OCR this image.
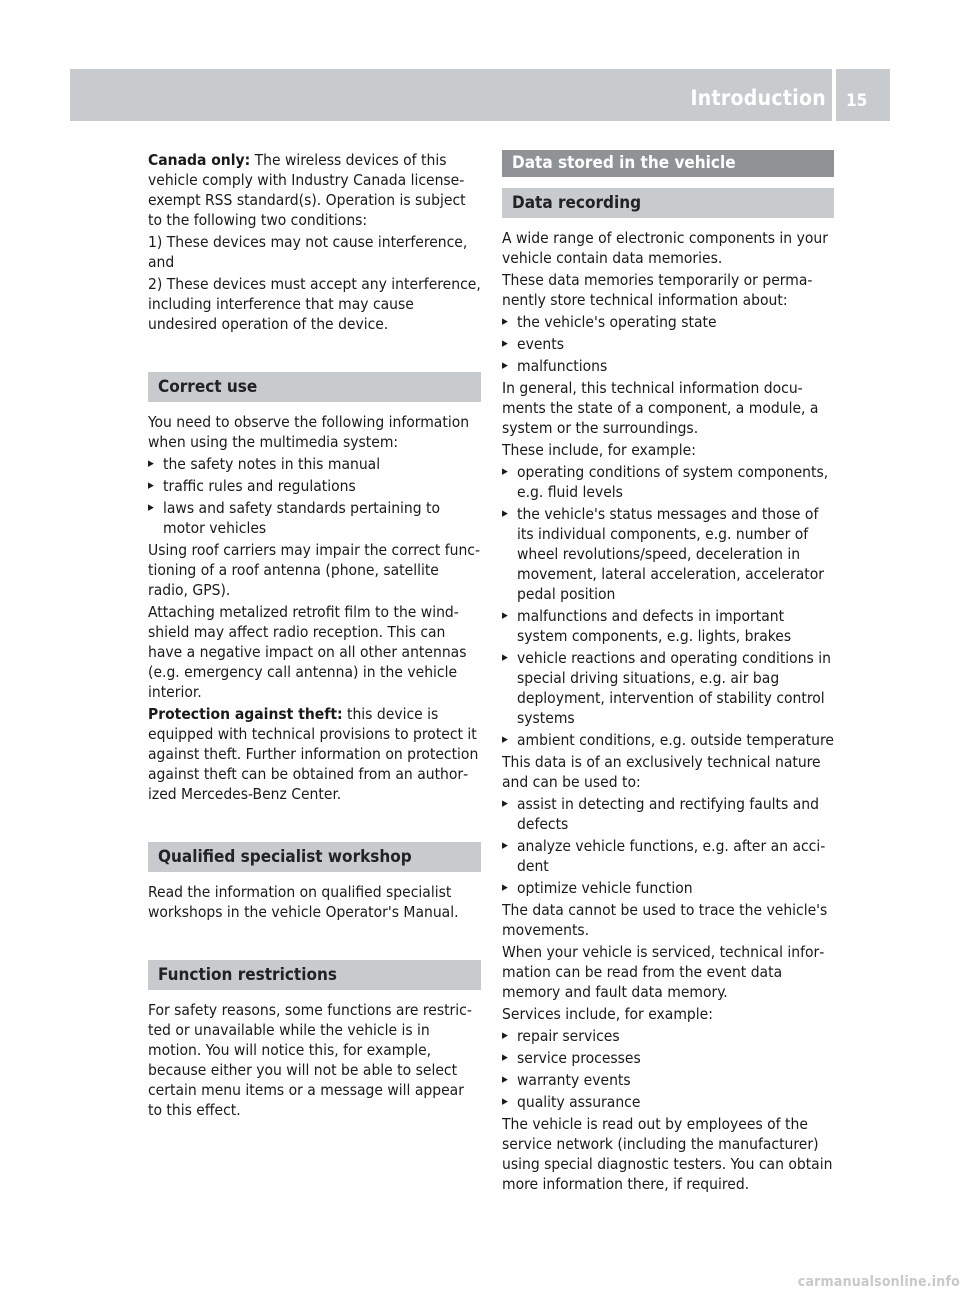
Introduction 15

Canada only: The wireless devices of this vehicle comply with Industry Canada license-exempt RSS standard(s). Operation is subject to the following two conditions:

1) These devices may not cause interference, and

2) These devices must accept any interference, including interference that may cause undesired operation of the device.

Correct use

You need to observe the following information when using the multimedia system:

▸ the safety notes in this manual
▸ traffic rules and regulations
▸ laws and safety standards pertaining to motor vehicles

Using roof carriers may impair the correct functioning of a roof antenna (phone, satellite radio, GPS).

Attaching metalized retrofit film to the windshield may affect radio reception. This can have a negative impact on all other antennas (e.g. emergency call antenna) in the vehicle interior.

Protection against theft: this device is equipped with technical provisions to protect it against theft. Further information on protection against theft can be obtained from an authorized Mercedes-Benz Center.

Qualified specialist workshop

Read the information on qualified specialist workshops in the vehicle Operator's Manual.

Function restrictions

For safety reasons, some functions are restricted or unavailable while the vehicle is in motion. You will notice this, for example, because either you will not be able to select certain menu items or a message will appear to this effect.

Data stored in the vehicle
Data recording

A wide range of electronic components in your vehicle contain data memories.

These data memories temporarily or permanently store technical information about:

▸ the vehicle's operating state
▸ events
▸ malfunctions

In general, this technical information documents the state of a component, a module, a system or the surroundings.

These include, for example:

▸ operating conditions of system components, e.g. fluid levels
▸ the vehicle's status messages and those of its individual components, e.g. number of wheel revolutions/speed, deceleration in movement, lateral acceleration, accelerator pedal position
▸ malfunctions and defects in important system components, e.g. lights, brakes
▸ vehicle reactions and operating conditions in special driving situations, e.g. air bag deployment, intervention of stability control systems
▸ ambient conditions, e.g. outside temperature

This data is of an exclusively technical nature and can be used to:

▸ assist in detecting and rectifying faults and defects
▸ analyze vehicle functions, e.g. after an accident
▸ optimize vehicle function

The data cannot be used to trace the vehicle's movements.

When your vehicle is serviced, technical information can be read from the event data memory and fault data memory.

Services include, for example:

▸ repair services
▸ service processes
▸ warranty events
▸ quality assurance

The vehicle is read out by employees of the service network (including the manufacturer) using special diagnostic testers. You can obtain more information there, if required.

carmanualsonline.info
